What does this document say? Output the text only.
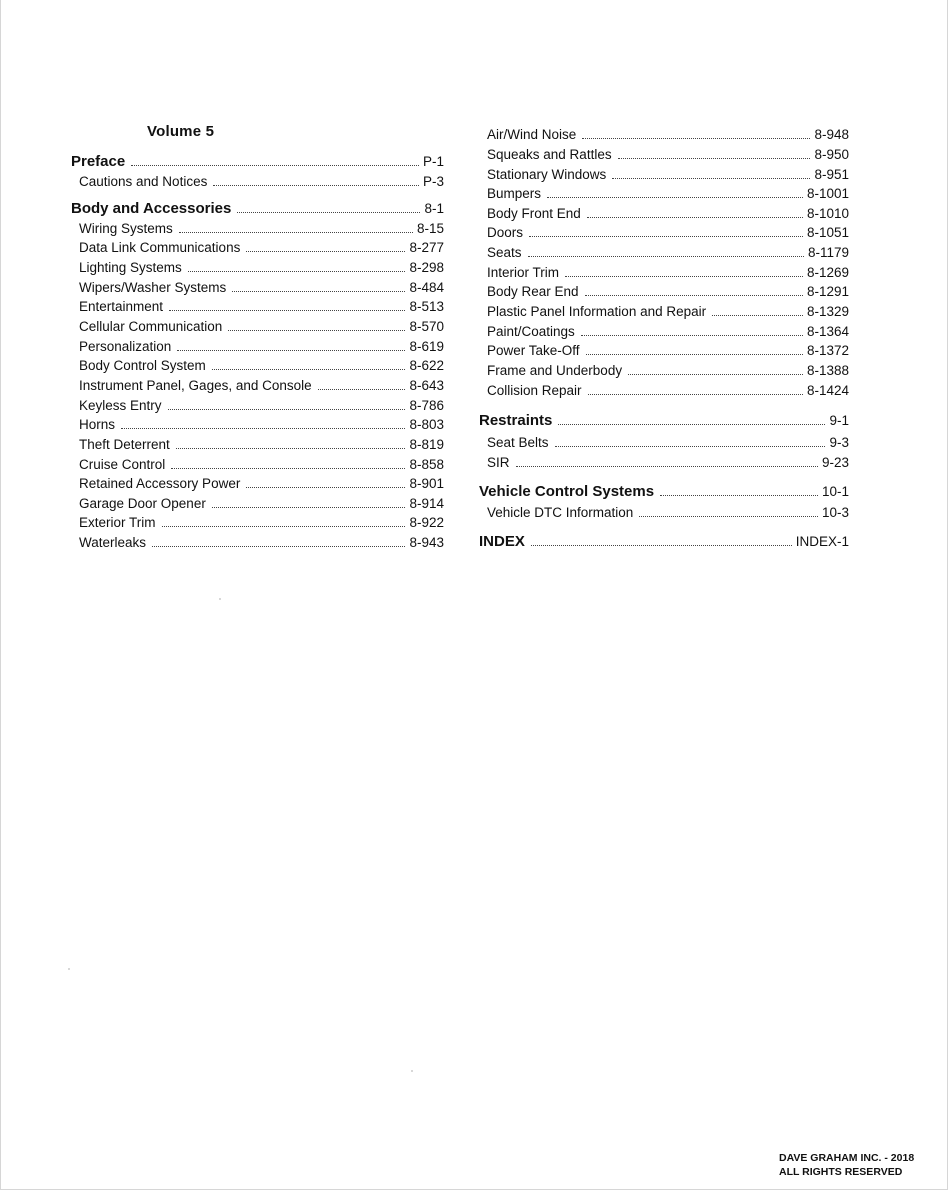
Volume 5
Preface	P-1
Cautions and Notices	P-3
Body and Accessories	8-1
Wiring Systems	8-15
Data Link Communications	8-277
Lighting Systems	8-298
Wipers/Washer Systems	8-484
Entertainment	8-513
Cellular Communication	8-570
Personalization	8-619
Body Control System	8-622
Instrument Panel, Gages, and Console	8-643
Keyless Entry	8-786
Horns	8-803
Theft Deterrent	8-819
Cruise Control	8-858
Retained Accessory Power	8-901
Garage Door Opener	8-914
Exterior Trim	8-922
Waterleaks	8-943
Air/Wind Noise	8-948
Squeaks and Rattles	8-950
Stationary Windows	8-951
Bumpers	8-1001
Body Front End	8-1010
Doors	8-1051
Seats	8-1179
Interior Trim	8-1269
Body Rear End	8-1291
Plastic Panel Information and Repair	8-1329
Paint/Coatings	8-1364
Power Take-Off	8-1372
Frame and Underbody	8-1388
Collision Repair	8-1424
Restraints	9-1
Seat Belts	9-3
SIR	9-23
Vehicle Control Systems	10-1
Vehicle DTC Information	10-3
INDEX	INDEX-1
DAVE GRAHAM INC. - 2018
ALL RIGHTS RESERVED
